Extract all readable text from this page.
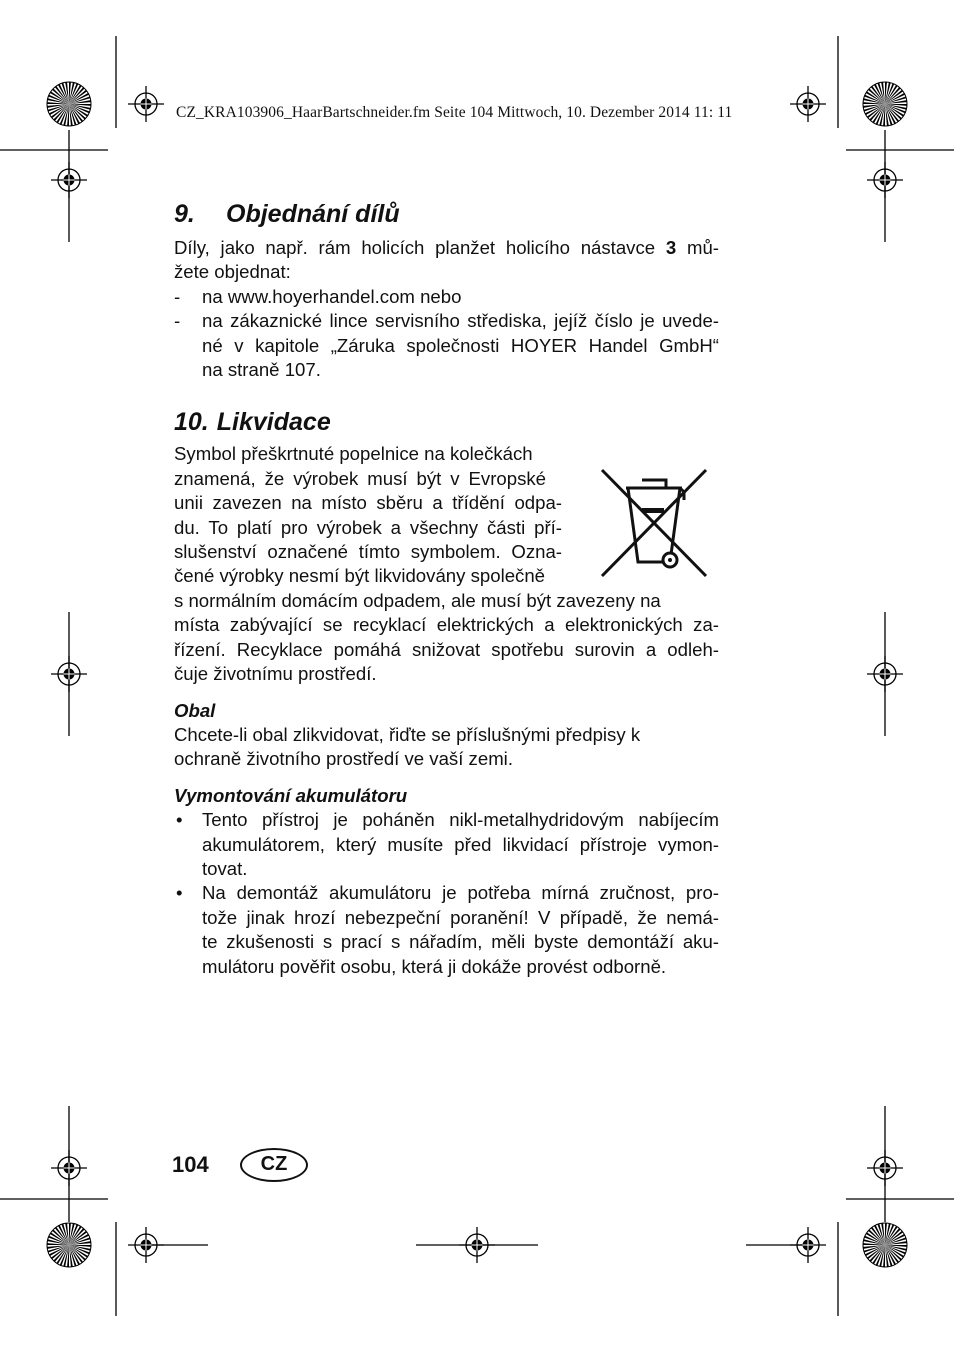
CZ_KRA103906_HaarBartschneider.fm Seite 104 Mittwoch, 10. Dezember 2014 11: 11
9. Objednání dílů

Díly, jako např. rám holicích planžet holicího nástavce 3 mů-
žete objednat:

- na www.hoyerhandel.com nebo
- na zákaznické lince servisního střediska, jejíž číslo je uvede-
né v kapitole „Záruka společnosti HOYER Handel GmbH“
na straně 107.
10. Likvidace
Symbol přeškrtnuté popelnice na kolečkách
znamená, že výrobek musí být v Evropské
unii zavezen na místo sběru a třídění odpa-
du. To platí pro výrobek a všechny části pří-
slušenství označené tímto symbolem. Ozna-
čené výrobky nesmí být likvidovány společně
s normálním domácím odpadem, ale musí být zavezeny na
místa zabývající se recyklací elektrických a elektronických za-
řízení. Recyklace pomáhá snižovat spotřebu surovin a odleh-
čuje životnímu prostředí.
Obal
Chcete-li obal zlikvidovat, řiďte se příslušnými předpisy k
ochraně životního prostředí ve vaší zemi.
Vymontování akumulátoru
• Tento přístroj je poháněn nikl-metalhydridovým nabíjecím
akumulátorem, který musíte před likvidací přístroje vymon-
tovat.
• Na demontáž akumulátoru je potřeba mírná zručnost, pro-
tože jinak hrozí nebezpeční poranění! V případě, že nemá-
te zkušenosti s prací s nářadím, měli byste demontáží aku-
mulátoru pověřit osobu, která ji dokáže provést odborně.
104	CZ
